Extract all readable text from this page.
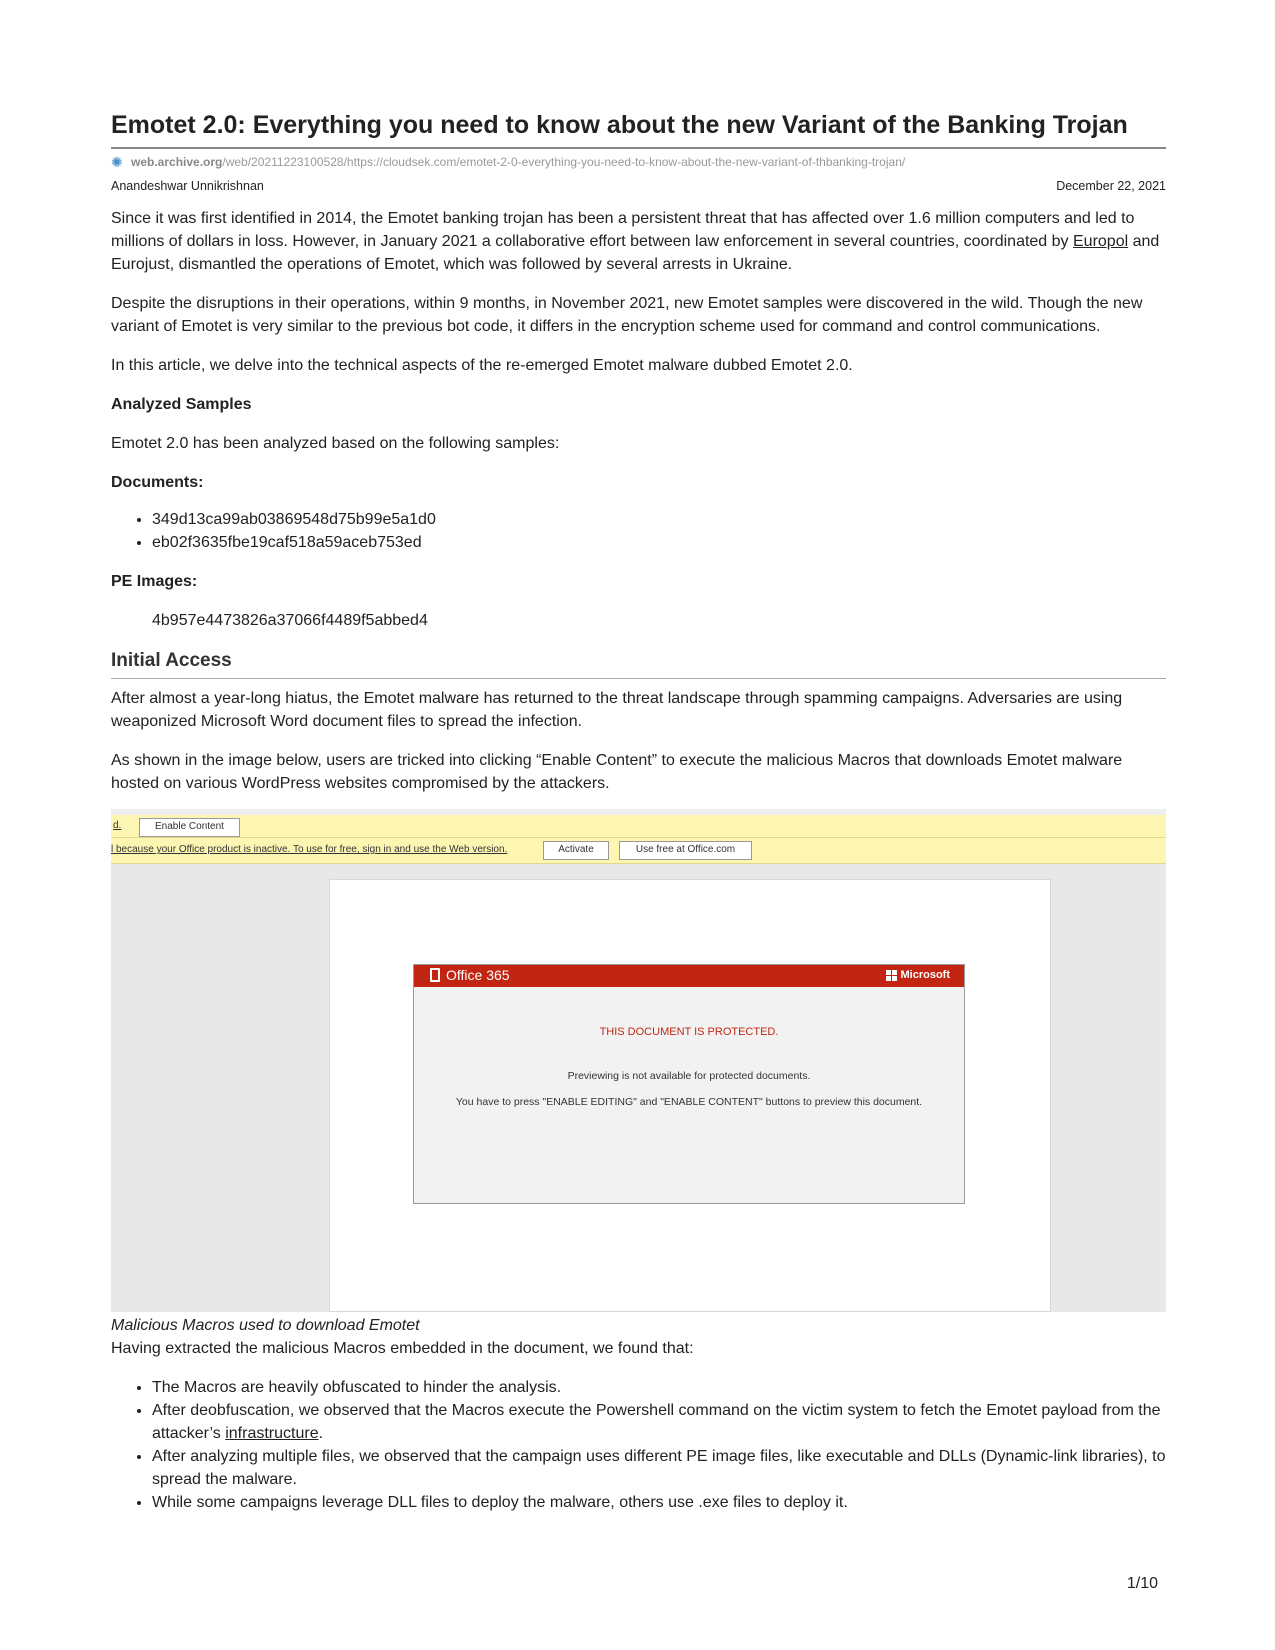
Emotet 2.0: Everything you need to know about the new Variant of the Banking Trojan
✺ web.archive.org /web/20211223100528/https://cloudsek.com/emotet-2-0-everything-you-need-to-know-about-the-new-variant-of-thbanking-trojan/
Anandeshwar Unnikrishnan	December 22, 2021

Since it was first identified in 2014, the Emotet banking trojan has been a persistent threat that has affected over 1.6 million computers and led to millions of dollars in loss. However, in January 2021 a collaborative effort between law enforcement in several countries, coordinated by Europol and Eurojust, dismantled the operations of Emotet, which was followed by several arrests in Ukraine.

Despite the disruptions in their operations, within 9 months, in November 2021, new Emotet samples were discovered in the wild. Though the new variant of Emotet is very similar to the previous bot code, it differs in the encryption scheme used for command and control communications.

In this article, we delve into the technical aspects of the re-emerged Emotet malware dubbed Emotet 2.0.

Analyzed Samples

Emotet 2.0 has been analyzed based on the following samples:

Documents:

• 349d13ca99ab03869548d75b99e5a1d0
• eb02f3635fbe19caf518a59aceb753ed

PE Images:

4b957e4473826a37066f4489f5abbed4

Initial Access

After almost a year-long hiatus, the Emotet malware has returned to the threat landscape through spamming campaigns. Adversaries are using weaponized Microsoft Word document files to spread the infection.

As shown in the image below, users are tricked into clicking “Enable Content” to execute the malicious Macros that downloads Emotet malware hosted on various WordPress websites compromised by the attackers.

d.	Enable Content
l because your Office product is inactive. To use for free, sign in and use the Web version.	Activate	Use free at Office.com
Office 365	Microsoft
THIS DOCUMENT IS PROTECTED.
Previewing is not available for protected documents.
You have to press "ENABLE EDITING" and "ENABLE CONTENT" buttons to preview this document.
Malicious Macros used to download Emotet

Having extracted the malicious Macros embedded in the document, we found that:

• The Macros are heavily obfuscated to hinder the analysis.
• After deobfuscation, we observed that the Macros execute the Powershell command on the victim system to fetch the Emotet payload from the attacker’s infrastructure.
• After analyzing multiple files, we observed that the campaign uses different PE image files, like executable and DLLs (Dynamic-link libraries), to spread the malware.
• While some campaigns leverage DLL files to deploy the malware, others use .exe files to deploy it.
1/10
